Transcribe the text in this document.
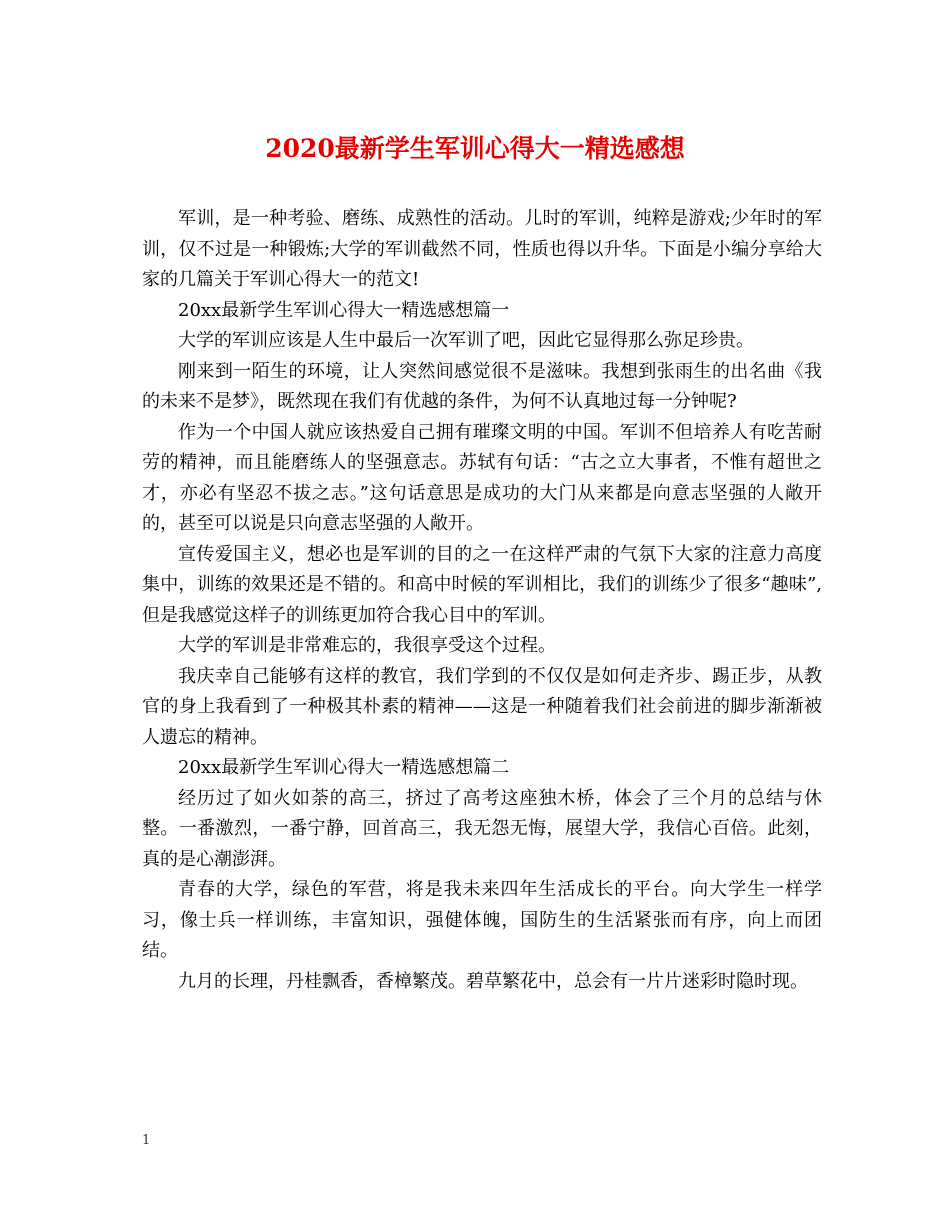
2020最新学生军训心得大一精选感想

军训，是一种考验、磨练、成熟性的活动。儿时的军训，纯粹是游戏;少年时的军训，仅不过是一种锻炼;大学的军训截然不同，性质也得以升华。下面是小编分享给大家的几篇关于军训心得大一的范文!

20xx最新学生军训心得大一精选感想篇一

大学的军训应该是人生中最后一次军训了吧，因此它显得那么弥足珍贵。

刚来到一陌生的环境，让人突然间感觉很不是滋味。我想到张雨生的出名曲《我的未来不是梦》，既然现在我们有优越的条件，为何不认真地过每一分钟呢?

作为一个中国人就应该热爱自己拥有璀璨文明的中国。军训不但培养人有吃苦耐劳的精神，而且能磨练人的坚强意志。苏轼有句话：“古之立大事者，不惟有超世之才，亦必有坚忍不拔之志。”这句话意思是成功的大门从来都是向意志坚强的人敞开的，甚至可以说是只向意志坚强的人敞开。

宣传爱国主义，想必也是军训的目的之一在这样严肃的气氛下大家的注意力高度集中，训练的效果还是不错的。和高中时候的军训相比，我们的训练少了很多“趣味”,但是我感觉这样子的训练更加符合我心目中的军训。

大学的军训是非常难忘的，我很享受这个过程。

我庆幸自己能够有这样的教官，我们学到的不仅仅是如何走齐步、踢正步，从教官的身上我看到了一种极其朴素的精神——这是一种随着我们社会前进的脚步渐渐被人遗忘的精神。

20xx最新学生军训心得大一精选感想篇二

经历过了如火如荼的高三，挤过了高考这座独木桥，体会了三个月的总结与休整。一番激烈，一番宁静，回首高三，我无怨无悔，展望大学，我信心百倍。此刻，真的是心潮澎湃。

青春的大学，绿色的军营，将是我未来四年生活成长的平台。向大学生一样学习，像士兵一样训练，丰富知识，强健体魄，国防生的生活紧张而有序，向上而团结。

九月的长理，丹桂飘香，香樟繁茂。碧草繁花中，总会有一片片迷彩时隐时现。

1
